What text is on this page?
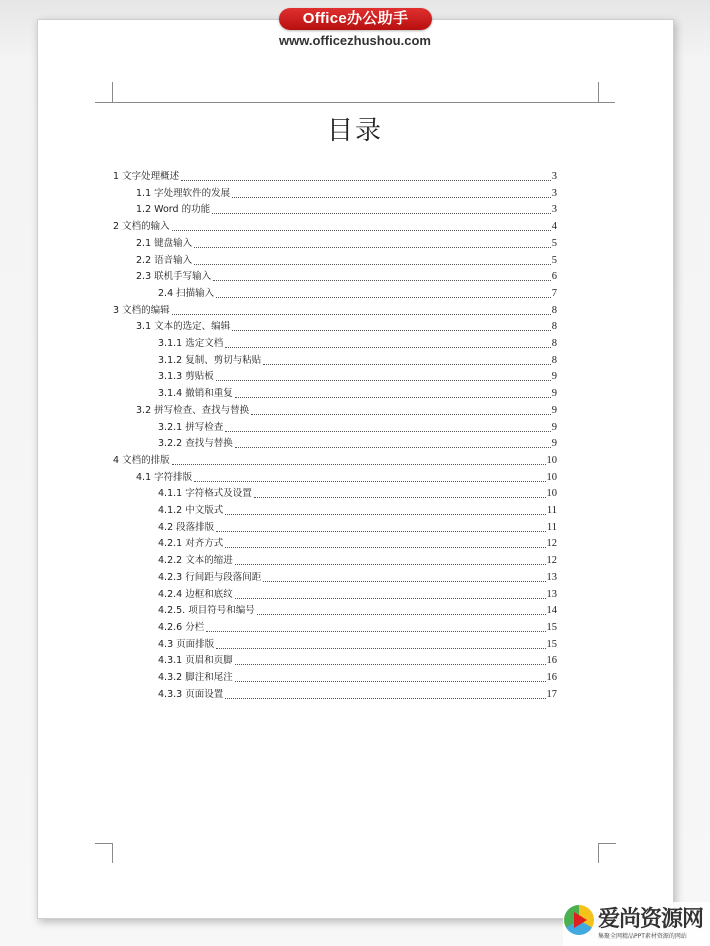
Office办公助手
www.officezhushou.com
目录
1 文字处理概述	3
1.1 字处理软件的发展	3
1.2 Word 的功能	3
2 文档的输入	4
2.1 键盘输入	5
2.2 语音输入	5
2.3 联机手写输入	6
2.4 扫描输入	7
3 文档的编辑	8
3.1 文本的选定、编辑	8
3.1.1 选定文档	8
3.1.2 复制、剪切与粘贴	8
3.1.3 剪贴板	9
3.1.4 撤销和重复	9
3.2 拼写检查、查找与替换	9
3.2.1 拼写检查	9
3.2.2 查找与替换	9
4 文档的排版	10
4.1 字符排版	10
4.1.1 字符格式及设置	10
4.1.2 中文版式	11
4.2 段落排版	11
4.2.1 对齐方式	12
4.2.2 文本的缩进	12
4.2.3 行间距与段落间距	13
4.2.4 边框和底纹	13
4.2.5. 项目符号和编号	14
4.2.6 分栏	15
4.3 页面排版	15
4.3.1 页眉和页脚	16
4.3.2 脚注和尾注	16
4.3.3 页面设置	17
爱尚资源网
集聚全网精品PPT素材资源的网站
